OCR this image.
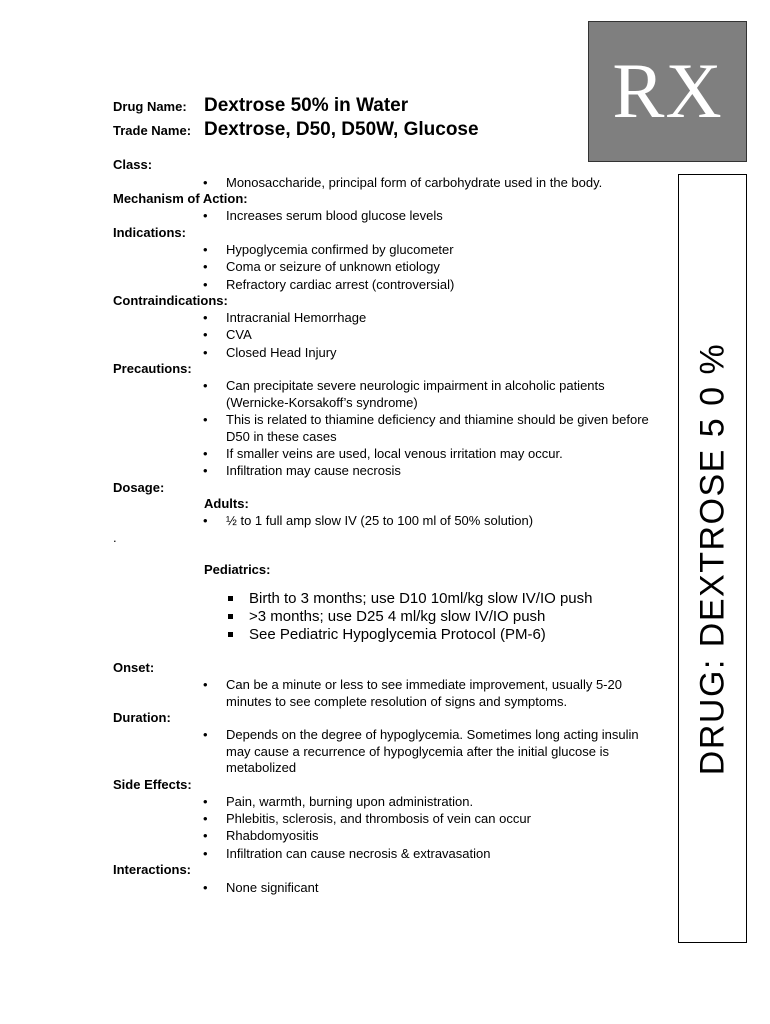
RX
DRUG: DEXTROSE 5 0 %
Drug Name: Dextrose 50% in Water
Trade Name: Dextrose, D50, D50W, Glucose
Class:
• Monosaccharide, principal form of carbohydrate used in the body.
Mechanism of Action:
• Increases serum blood glucose levels
Indications:
• Hypoglycemia confirmed by glucometer
• Coma or seizure of unknown etiology
• Refractory cardiac arrest (controversial)
Contraindications:
• Intracranial Hemorrhage
• CVA
• Closed Head Injury
Precautions:
• Can precipitate severe neurologic impairment in alcoholic patients (Wernicke-Korsakoff’s syndrome)
• This is related to thiamine deficiency and thiamine should be given before D50 in these cases
• If smaller veins are used, local venous irritation may occur.
• Infiltration may cause necrosis
Dosage:
Adults:
• ½ to 1 full amp slow IV (25 to 100 ml of 50% solution)
.
Pediatrics:
Birth to 3 months; use D10 10ml/kg slow IV/IO push
>3 months; use D25 4 ml/kg slow IV/IO push
See Pediatric Hypoglycemia Protocol (PM-6)
Onset:
• Can be a minute or less to see immediate improvement, usually 5-20 minutes to see complete resolution of signs and symptoms.
Duration:
• Depends on the degree of hypoglycemia. Sometimes long acting insulin may cause a recurrence of hypoglycemia after the initial glucose is metabolized
Side Effects:
• Pain, warmth, burning upon administration.
• Phlebitis, sclerosis, and thrombosis of vein can occur
• Rhabdomyositis
• Infiltration can cause necrosis & extravasation
Interactions:
• None significant
